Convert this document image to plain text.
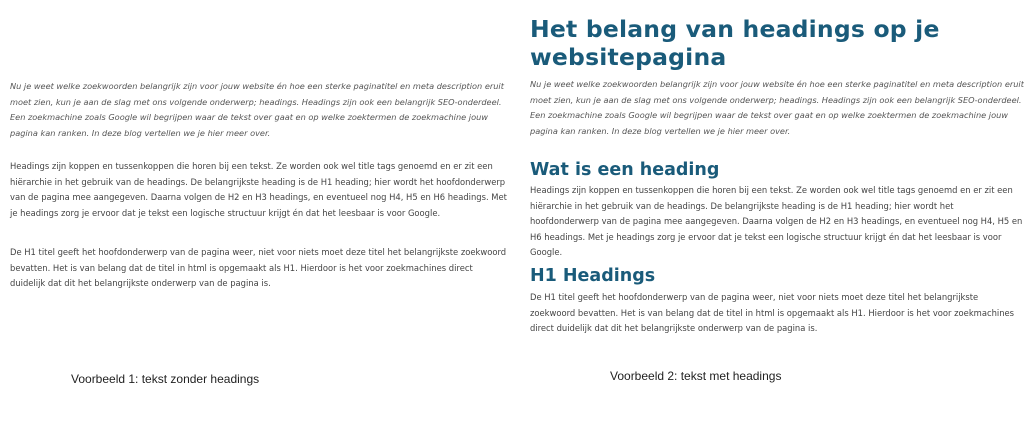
Nu je weet welke zoekwoorden belangrijk zijn voor jouw website én hoe een sterke paginatitel en meta description eruit moet zien, kun je aan de slag met ons volgende onderwerp; headings. Headings zijn ook een belangrijk SEO-onderdeel. Een zoekmachine zoals Google wil begrijpen waar de tekst over gaat en op welke zoektermen de zoekmachine jouw pagina kan ranken. In deze blog vertellen we je hier meer over.

Headings zijn koppen en tussenkoppen die horen bij een tekst. Ze worden ook wel title tags genoemd en er zit een hiërarchie in het gebruik van de headings. De belangrijkste heading is de H1 heading; hier wordt het hoofdonderwerp van de pagina mee aangegeven. Daarna volgen de H2 en H3 headings, en eventueel nog H4, H5 en H6 headings. Met je headings zorg je ervoor dat je tekst een logische structuur krijgt én dat het leesbaar is voor Google.

De H1 titel geeft het hoofdonderwerp van de pagina weer, niet voor niets moet deze titel het belangrijkste zoekwoord bevatten. Het is van belang dat de titel in html is opgemaakt als H1. Hierdoor is het voor zoekmachines direct duidelijk dat dit het belangrijkste onderwerp van de pagina is.

Voorbeeld 1: tekst zonder headings

Het belang van headings op je websitepagina

Nu je weet welke zoekwoorden belangrijk zijn voor jouw website én hoe een sterke paginatitel en meta description eruit moet zien, kun je aan de slag met ons volgende onderwerp; headings. Headings zijn ook een belangrijk SEO-onderdeel. Een zoekmachine zoals Google wil begrijpen waar de tekst over gaat en op welke zoektermen de zoekmachine jouw pagina kan ranken. In deze blog vertellen we je hier meer over.

Wat is een heading

Headings zijn koppen en tussenkoppen die horen bij een tekst. Ze worden ook wel title tags genoemd en er zit een hiërarchie in het gebruik van de headings. De belangrijkste heading is de H1 heading; hier wordt het hoofdonderwerp van de pagina mee aangegeven. Daarna volgen de H2 en H3 headings, en eventueel nog H4, H5 en H6 headings. Met je headings zorg je ervoor dat je tekst een logische structuur krijgt én dat het leesbaar is voor Google.

H1 Headings

De H1 titel geeft het hoofdonderwerp van de pagina weer, niet voor niets moet deze titel het belangrijkste zoekwoord bevatten. Het is van belang dat de titel in html is opgemaakt als H1. Hierdoor is het voor zoekmachines direct duidelijk dat dit het belangrijkste onderwerp van de pagina is.

Voorbeeld 2: tekst met headings
